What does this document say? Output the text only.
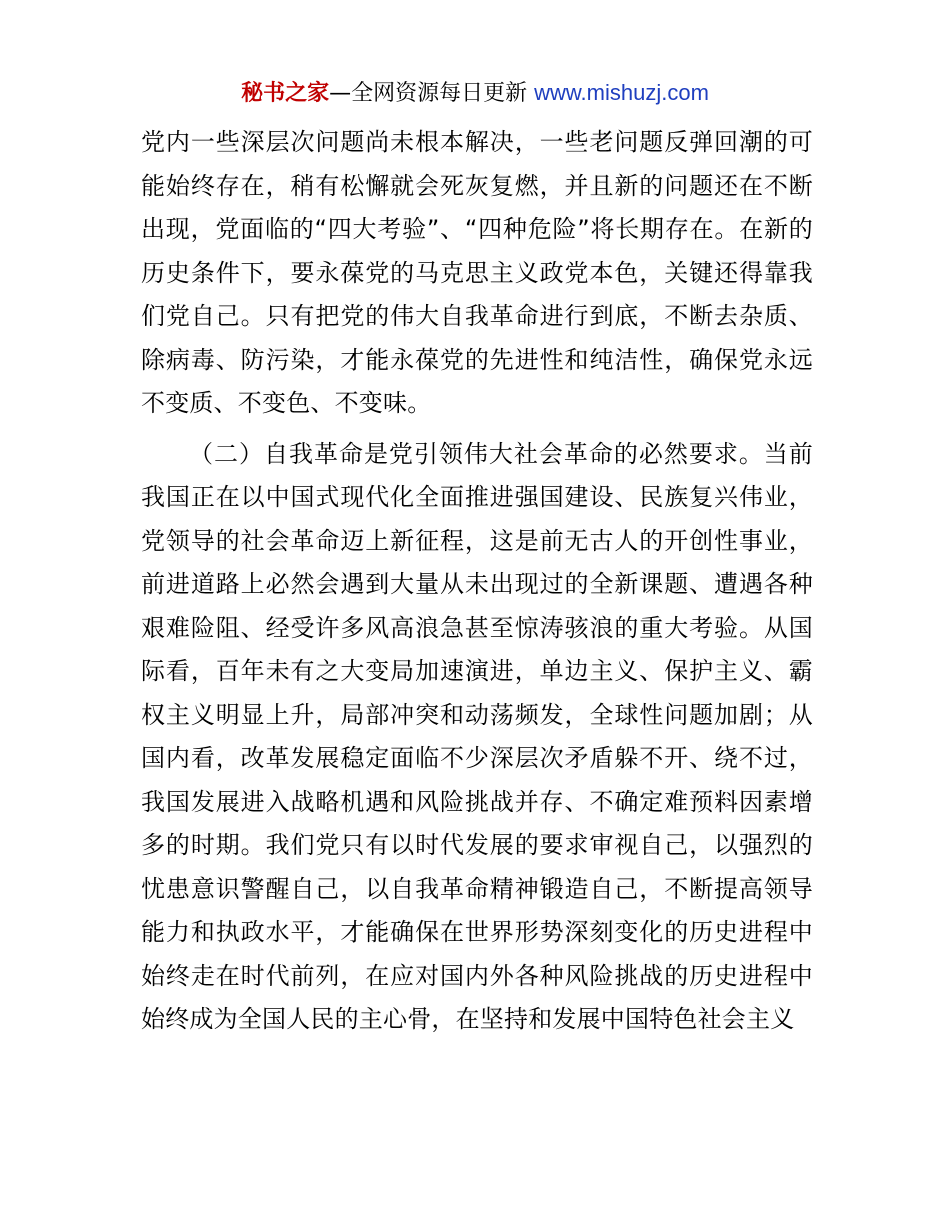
秘书之家—全网资源每日更新 www.mishuzj.com

党内一些深层次问题尚未根本解决，一些老问题反弹回潮的可能始终存在，稍有松懈就会死灰复燃，并且新的问题还在不断出现，党面临的“四大考验”、“四种危险”将长期存在。在新的历史条件下，要永葆党的马克思主义政党本色，关键还得靠我们党自己。只有把党的伟大自我革命进行到底，不断去杂质、除病毒、防污染，才能永葆党的先进性和纯洁性，确保党永远不变质、不变色、不变味。

（二）自我革命是党引领伟大社会革命的必然要求。当前我国正在以中国式现代化全面推进强国建设、民族复兴伟业，党领导的社会革命迈上新征程，这是前无古人的开创性事业，前进道路上必然会遇到大量从未出现过的全新课题、遭遇各种艰难险阻、经受许多风高浪急甚至惊涛骇浪的重大考验。从国际看，百年未有之大变局加速演进，单边主义、保护主义、霸权主义明显上升，局部冲突和动荡频发，全球性问题加剧；从国内看，改革发展稳定面临不少深层次矛盾躲不开、绕不过，我国发展进入战略机遇和风险挑战并存、不确定难预料因素增多的时期。我们党只有以时代发展的要求审视自己，以强烈的忧患意识警醒自己，以自我革命精神锻造自己，不断提高领导能力和执政水平，才能确保在世界形势深刻变化的历史进程中始终走在时代前列，在应对国内外各种风险挑战的历史进程中始终成为全国人民的主心骨，在坚持和发展中国特色社会主义
